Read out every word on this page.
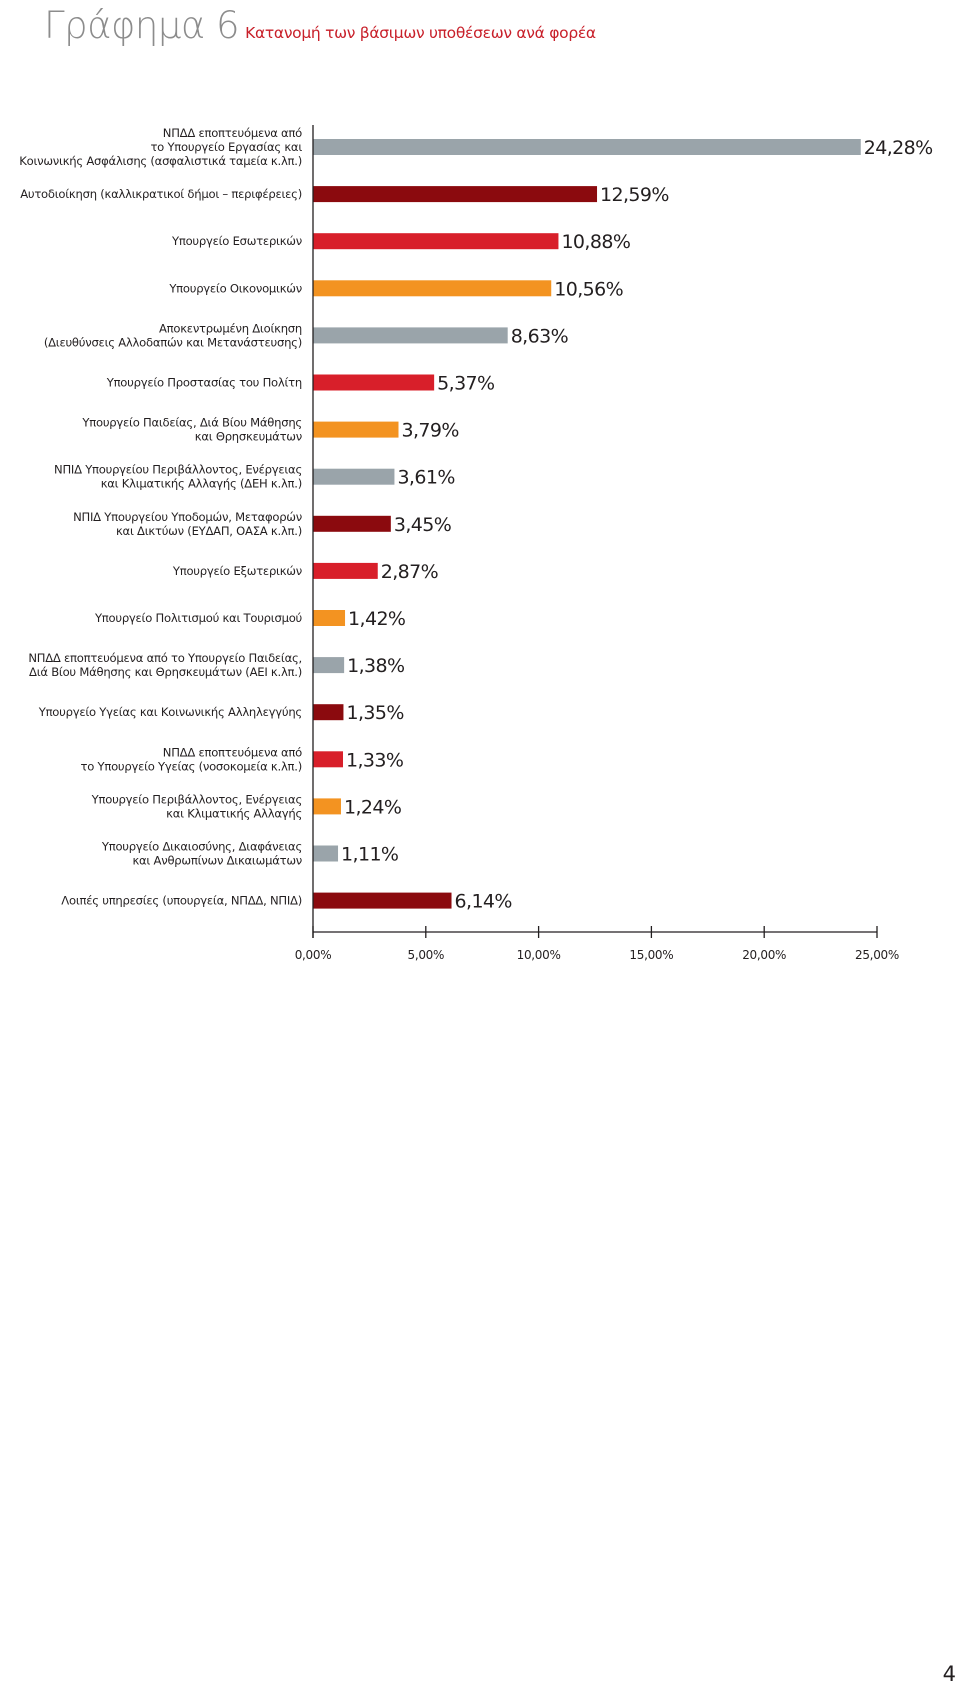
Γράφημα 6 Κατανομή των βάσιμων υποθέσεων ανά φορέα
ΝΠΔΔ εποπτευόμενα από το Υπουργείο Εργασίας και Κοινωνικής Ασφάλισης (ασφαλιστικά ταμεία κ.λπ.)
Αυτοδιοίκηση (καλλικρατικοί δήμοι – περιφέρειες)
Υπουργείο Εσωτερικών
Υπουργείο Οικονομικών
Αποκεντρωμένη Διοίκηση (Διευθύνσεις Αλλοδαπών και Μετανάστευσης)
Υπουργείο Προστασίας του Πολίτη
Υπουργείο Παιδείας, Διά Βίου Μάθησης και Θρησκευμάτων
ΝΠΙΔ Υπουργείου Περιβάλλοντος, Ενέργειας και Κλιματικής Αλλαγής (ΔΕΗ κ.λπ.)
ΝΠΙΔ Υπουργείου Υποδομών, Μεταφορών και Δικτύων (ΕΥΔΑΠ, ΟΑΣΑ κ.λπ.)
Υπουργείο Εξωτερικών
Υπουργείο Πολιτισμού και Τουρισμού
ΝΠΔΔ εποπτευόμενα από το Υπουργείο Παιδείας, Διά Βίου Μάθησης και Θρησκευμάτων (ΑΕΙ κ.λπ.)
Υπουργείο Υγείας και Κοινωνικής Αλληλεγγύης
ΝΠΔΔ εποπτευόμενα από το Υπουργείο Υγείας (νοσοκομεία κ.λπ.)
Υπουργείο Περιβάλλοντος, Ενέργειας και Κλιματικής Αλλαγής
Υπουργείο Δικαιοσύνης, Διαφάνειας και Ανθρωπίνων Δικαιωμάτων
Λοιπές υπηρεσίες (υπουργεία, ΝΠΔΔ, ΝΠΙΔ)
24,28%
12,59%
10,88%
10,56%
8,63%
5,37%
3,79%
3,61%
3,45%
2,87%
1,42%
1,38%
1,35%
1,33%
1,24%
1,11%
6,14%
0,00%	5,00%	10,00%	15,00%	20,00%	25,00%
4
